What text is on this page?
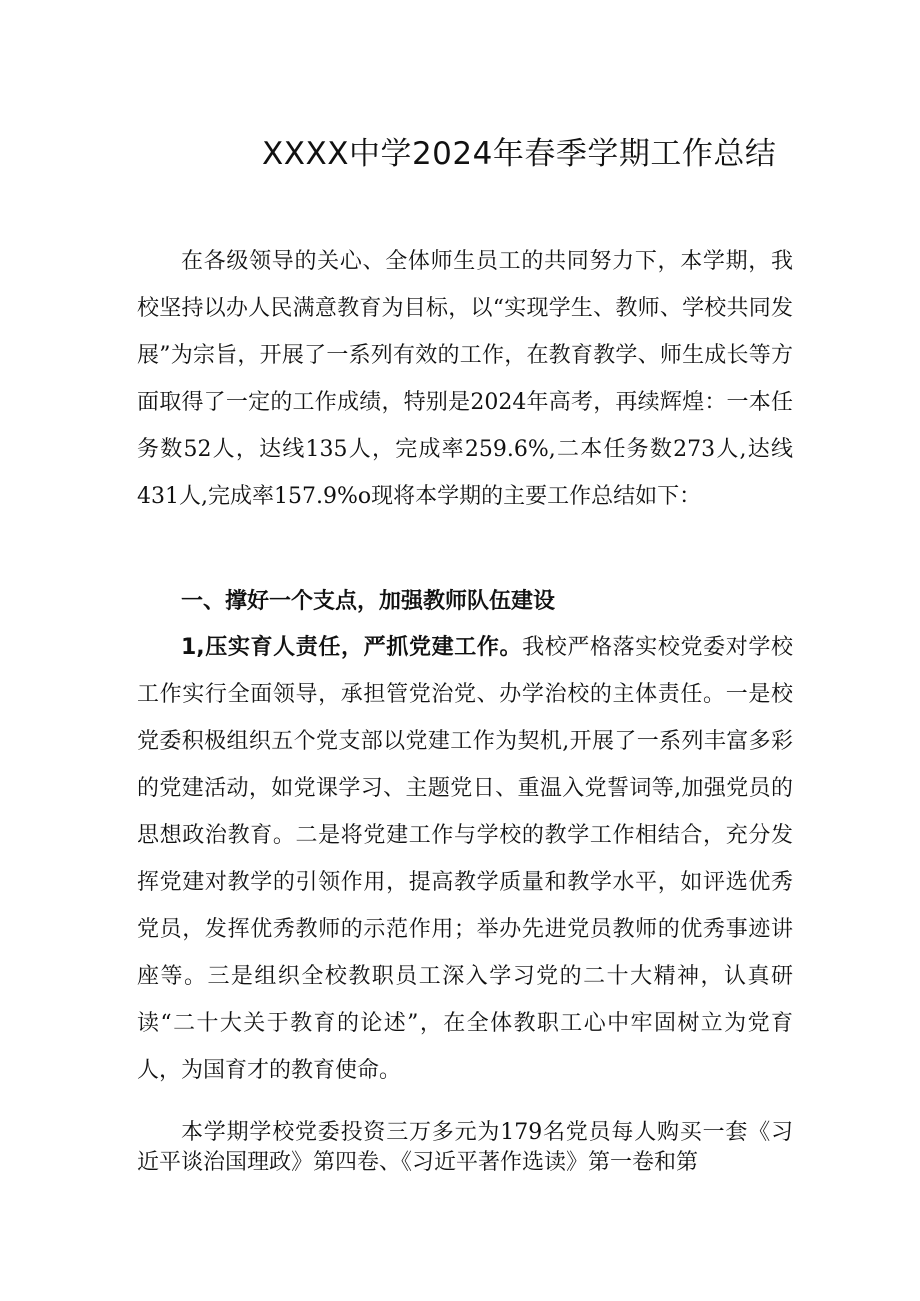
XXXX中学2024年春季学期工作总结

在各级领导的关心、全体师生员工的共同努力下，本学期，我校坚持以办人民满意教育为目标，以“实现学生、教师、学校共同发展”为宗旨，开展了一系列有效的工作，在教育教学、师生成长等方面取得了一定的工作成绩，特别是2024年高考，再续辉煌：一本任务数52人，达线135人，完成率259.6%,二本任务数273人,达线431人,完成率157.9%o现将本学期的主要工作总结如下：

一、撑好一个支点，加强教师队伍建设

1,压实育人责任，严抓党建工作。我校严格落实校党委对学校工作实行全面领导，承担管党治党、办学治校的主体责任。一是校党委积极组织五个党支部以党建工作为契机,开展了一系列丰富多彩的党建活动，如党课学习、主题党日、重温入党誓词等,加强党员的思想政治教育。二是将党建工作与学校的教学工作相结合，充分发挥党建对教学的引领作用，提高教学质量和教学水平，如评选优秀党员，发挥优秀教师的示范作用；举办先进党员教师的优秀事迹讲座等。三是组织全校教职员工深入学习党的二十大精神，认真研读“二十大关于教育的论述”，在全体教职工心中牢固树立为党育人，为国育才的教育使命。

本学期学校党委投资三万多元为179名党员每人购买一套《习近平谈治国理政》第四卷、《习近平著作选读》第一卷和第
